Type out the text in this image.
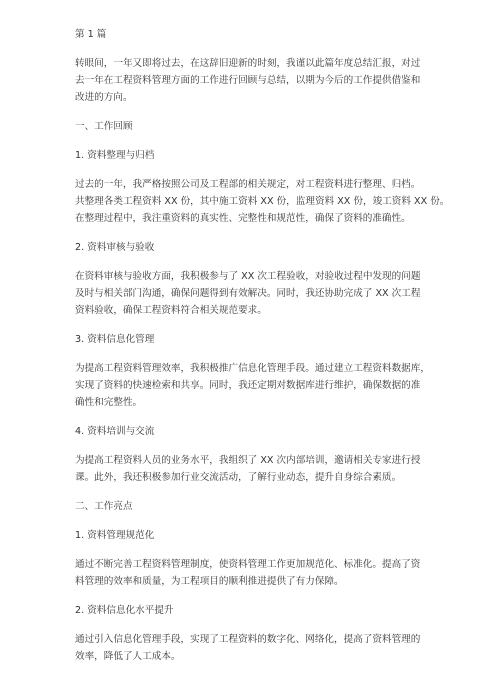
第 1 篇
转眼间，一年又即将过去，在这辞旧迎新的时刻，我谨以此篇年度总结汇报，对过
去一年在工程资料管理方面的工作进行回顾与总结，以期为今后的工作提供借鉴和
改进的方向。
一、工作回顾
1. 资料整理与归档
过去的一年，我严格按照公司及工程部的相关规定，对工程资料进行整理、归档。
共整理各类工程资料 XX 份，其中施工资料 XX 份，监理资料 XX 份，竣工资料 XX 份。
在整理过程中，我注重资料的真实性、完整性和规范性，确保了资料的准确性。
2. 资料审核与验收
在资料审核与验收方面，我积极参与了 XX 次工程验收，对验收过程中发现的问题
及时与相关部门沟通，确保问题得到有效解决。同时，我还协助完成了 XX 次工程
资料验收，确保工程资料符合相关规范要求。
3. 资料信息化管理
为提高工程资料管理效率，我积极推广信息化管理手段。通过建立工程资料数据库，
实现了资料的快速检索和共享。同时，我还定期对数据库进行维护，确保数据的准
确性和完整性。
4. 资料培训与交流
为提高工程资料人员的业务水平，我组织了 XX 次内部培训，邀请相关专家进行授
课。此外，我还积极参加行业交流活动，了解行业动态，提升自身综合素质。
二、工作亮点
1. 资料管理规范化
通过不断完善工程资料管理制度，使资料管理工作更加规范化、标准化。提高了资
料管理的效率和质量，为工程项目的顺利推进提供了有力保障。
2. 资料信息化水平提升
通过引入信息化管理手段，实现了工程资料的数字化、网络化，提高了资料管理的
效率，降低了人工成本。
